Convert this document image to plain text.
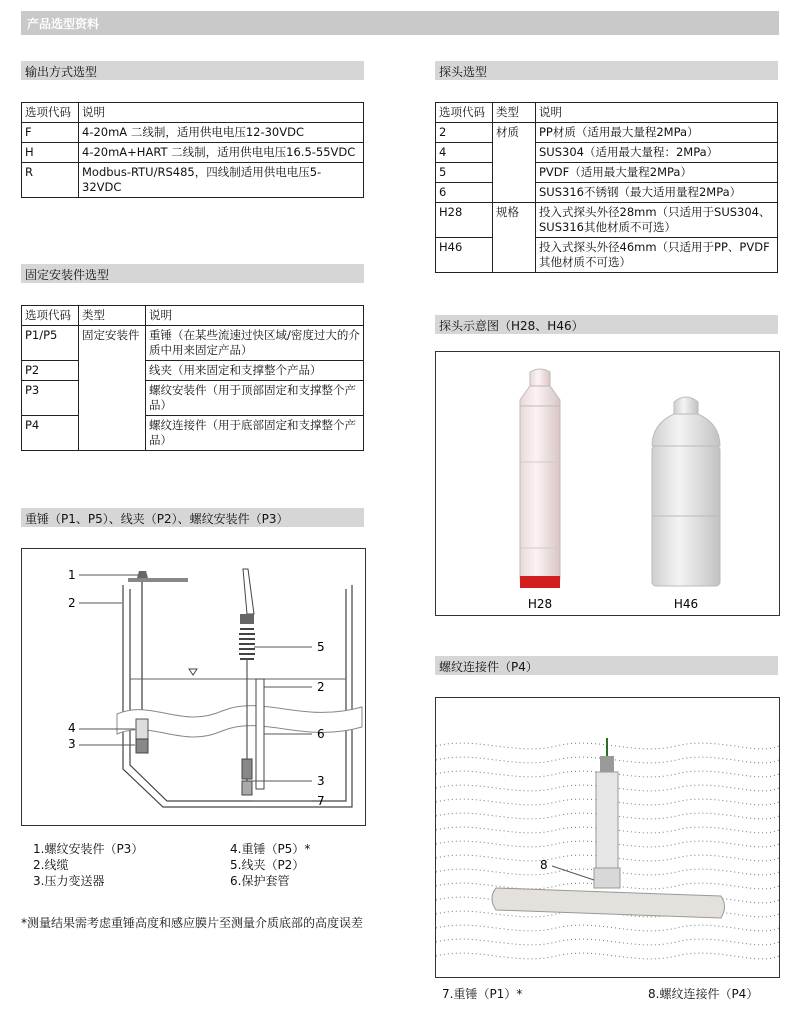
产品选型资料
输出方式选型
选项代码	说明
F	4-20mA 二线制，适用供电电压12-30VDC
H	4-20mA+HART 二线制，适用供电电压16.5-55VDC
R	Modbus-RTU/RS485，四线制适用供电电压5-32VDC
固定安装件选型
选项代码	类型	说明
P1/P5	固定安装件	重锤（在某些流速过快区域/密度过大的介质中用来固定产品）
P2		线夹（用来固定和支撑整个产品）
P3		螺纹安装件（用于顶部固定和支撑整个产品）
P4		螺纹连接件（用于底部固定和支撑整个产品）
重锤（P1、P5）、线夹（P2）、螺纹安装件（P3）
1
2
4
3
5
2
6
3
7
1.螺纹安装件（P3）
2.线缆
3.压力变送器
4.重锤（P5）*
5.线夹（P2）
6.保护套管
*测量结果需考虑重锤高度和感应膜片至测量介质底部的高度误差
探头选型
选项代码	类型	说明
2	材质	PP材质（适用最大量程2MPa）
4		SUS304（适用最大量程：2MPa）
5		PVDF（适用最大量程2MPa）
6		SUS316不锈钢（最大适用量程2MPa）
H28	规格	投入式探头外径28mm（只适用于SUS304、SUS316其他材质不可选）
H46		投入式探头外径46mm（只适用于PP、PVDF其他材质不可选）
探头示意图（H28、H46）
H28	H46
螺纹连接件（P4）
8
7.重锤（P1）*	8.螺纹连接件（P4）
